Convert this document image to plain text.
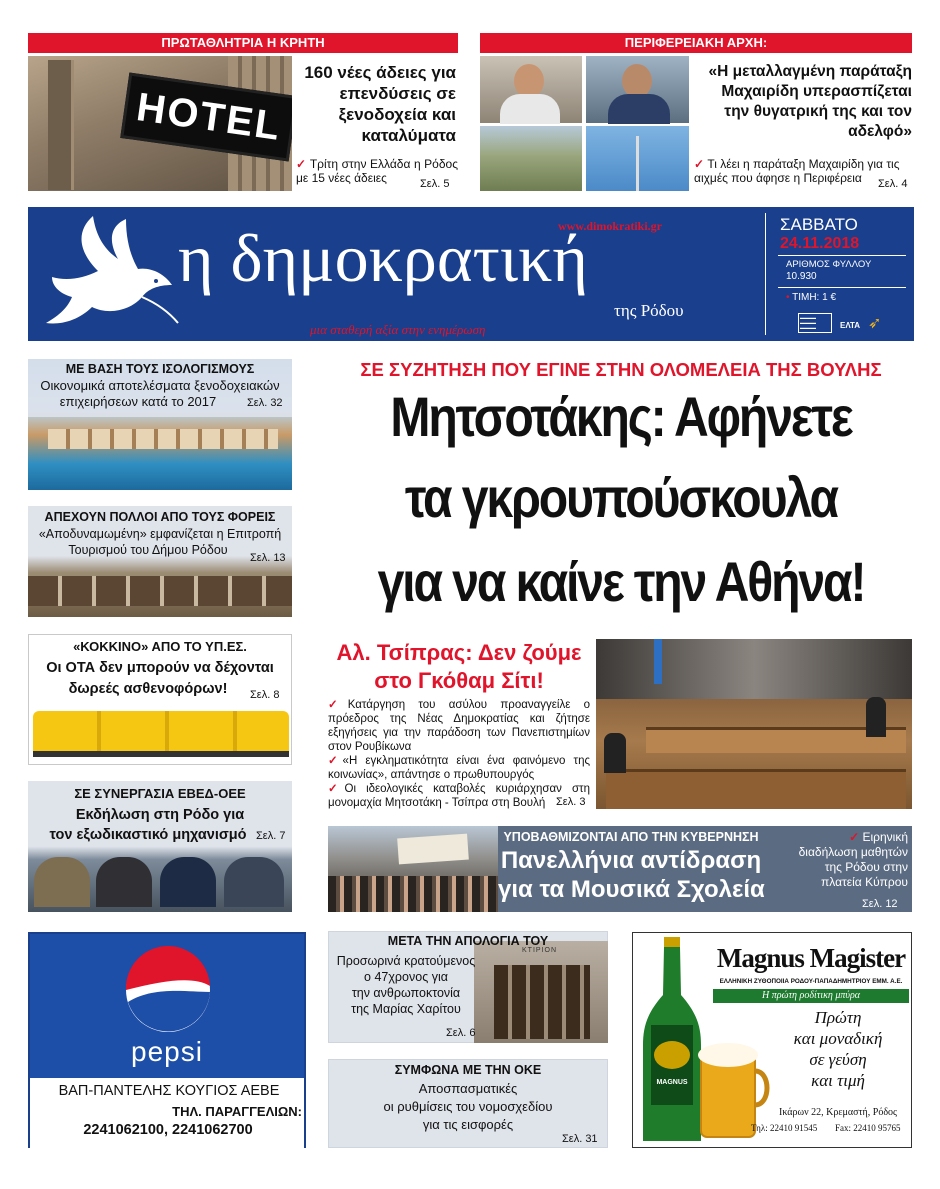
ΠΡΩΤΑΘΛΗΤΡΙΑ Η ΚΡΗΤΗ
HOTEL
160 νέες άδειες για επενδύσεις σε ξενοδοχεία και καταλύματα
✓ Τρίτη στην Ελλάδα η Ρόδος με 15 νέες άδειες	Σελ. 5
ΠΕΡΙΦΕΡΕΙΑΚΗ ΑΡΧΗ:
«Η μεταλλαγμένη παράταξη Μαχαιρίδη υπερασπίζεται την θυγατρική της και τον αδελφό»
✓ Τι λέει η παράταξη Μαχαιρίδη για τις αιχμές που άφησε η Περιφέρεια	Σελ. 4
www.dimokratiki.gr
η δημοκρατική
της Ρόδου
μια σταθερή αξία στην ενημέρωση
ΣΑΒΒΑΤΟ
24.11.2018
ΑΡΙΘΜΟΣ ΦΥΛΛΟΥ
10.930
• ΤΙΜΗ: 1 €
▬▬▬▬
▬▬▬▬
▬▬▬▬	ΕΛΤΑ ➶
ΣΕ ΣΥΖΗΤΗΣΗ ΠΟΥ ΕΓΙΝΕ ΣΤΗΝ ΟΛΟΜΕΛΕΙΑ ΤΗΣ ΒΟΥΛΗΣ
Μητσοτάκης: Αφήνετε
τα γκρουπούσκουλα
για να καίνε την Αθήνα!
Αλ. Τσίπρας: Δεν ζούμε
στο Γκόθαμ Σίτι!
✓Κατάργηση του ασύλου προαναγγείλε ο πρόεδρος της Νέας Δημοκρατίας και ζήτησε εξηγήσεις για την παράδοση των Πανεπιστημίων στον Ρουβίκωνα
✓«Η εγκληματικότητα είναι ένα φαινόμενο της κοινωνίας», απάντησε ο πρωθυπουργός
✓Οι ιδεολογικές καταβολές κυριάρχησαν στη μονομαχία Μητσοτάκη - Τσίπρα στη Βουλή Σελ. 3
ΥΠΟΒΑΘΜΙΖΟΝΤΑΙ ΑΠΟ ΤΗΝ ΚΥΒΕΡΝΗΣΗ
Πανελλήνια αντίδραση
για τα Μουσικά Σχολεία
✓ Ειρηνική
διαδήλωση μαθητών
της Ρόδου στην
πλατεία Κύπρου
Σελ. 12
ΜΕ ΒΑΣΗ ΤΟΥΣ ΙΣΟΛΟΓΙΣΜΟΥΣ
Οικονομικά αποτελέσματα ξενοδοχειακών
επιχειρήσεων κατά το 2017	Σελ. 32
ΑΠΕΧΟΥΝ ΠΟΛΛΟΙ ΑΠΟ ΤΟΥΣ ΦΟΡΕΙΣ
«Αποδυναμωμένη» εμφανίζεται η Επιτροπή
Τουρισμού του Δήμου Ρόδου
Σελ. 13
«ΚΟΚΚΙΝΟ» ΑΠΟ ΤΟ ΥΠ.ΕΣ.
Οι ΟΤΑ δεν μπορούν να δέχονται
δωρεές ασθενοφόρων!	Σελ. 8
ΣΕ ΣΥΝΕΡΓΑΣΙΑ ΕΒΕΔ-ΟΕΕ
Εκδήλωση στη Ρόδο για
τον εξωδικαστικό μηχανισμό Σελ. 7
pepsi
ΒΑΠ-ΠΑΝΤΕΛΗΣ ΚΟΥΓΙΟΣ ΑΕΒΕ
ΤΗΛ. ΠΑΡΑΓΓΕΛΙΩΝ:
2241062100, 2241062700
ΚΤΙΡΙΟΝ
ΜΕΤΑ ΤΗΝ ΑΠΟΛΟΓΙΑ ΤΟΥ
Προσωρινά κρατούμενος
ο 47χρονος για
την ανθρωποκτονία
της Μαρίας Χαρίτου
Σελ. 6
ΣΥΜΦΩΝΑ ΜΕ ΤΗΝ ΟΚΕ
Αποσπασματικές
οι ρυθμίσεις του νομοσχεδίου
για τις εισφορές
Σελ. 31
MAGNUS
Magnus Magister
ΕΛΛΗΝΙΚΗ ΖΥΘΟΠΟΙΙΑ ΡΟΔΟΥ-ΠΑΠΑΔΗΜΗΤΡΙΟΥ ΕΜΜ. Α.Ε.
Η πρώτη ροδίτικη μπύρα
Πρώτη
και μοναδική
σε γεύση
και τιμή
Ικάρων 22, Κρεμαστή, Ρόδος
Τηλ: 22410 91545 Fax: 22410 95765
